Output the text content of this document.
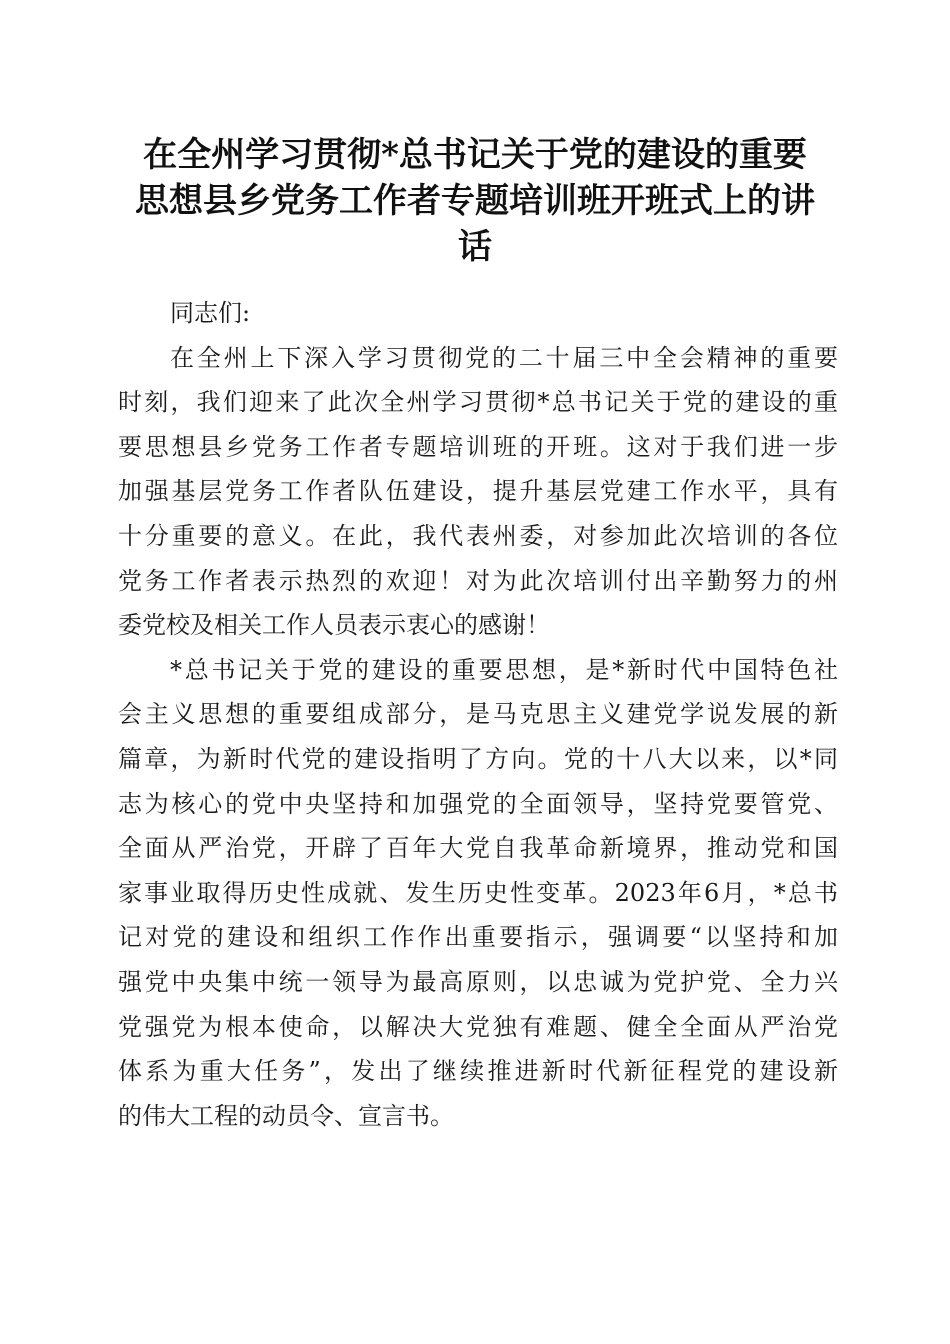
在全州学习贯彻*总书记关于党的建设的重要
思想县乡党务工作者专题培训班开班式上的讲
话

同志们:

在全州上下深入学习贯彻党的二十届三中全会精神的重要
时刻，我们迎来了此次全州学习贯彻*总书记关于党的建设的重
要思想县乡党务工作者专题培训班的开班。这对于我们进一步
加强基层党务工作者队伍建设，提升基层党建工作水平，具有
十分重要的意义。在此，我代表州委，对参加此次培训的各位
党务工作者表示热烈的欢迎！对为此次培训付出辛勤努力的州
委党校及相关工作人员表示衷心的感谢！

*总书记关于党的建设的重要思想，是*新时代中国特色社
会主义思想的重要组成部分，是马克思主义建党学说发展的新
篇章，为新时代党的建设指明了方向。党的十八大以来，以*同
志为核心的党中央坚持和加强党的全面领导，坚持党要管党、
全面从严治党，开辟了百年大党自我革命新境界，推动党和国
家事业取得历史性成就、发生历史性变革。2023年6月，*总书
记对党的建设和组织工作作出重要指示，强调要“以坚持和加
强党中央集中统一领导为最高原则，以忠诚为党护党、全力兴
党强党为根本使命，以解决大党独有难题、健全全面从严治党
体系为重大任务”，发出了继续推进新时代新征程党的建设新
的伟大工程的动员令、宣言书。
